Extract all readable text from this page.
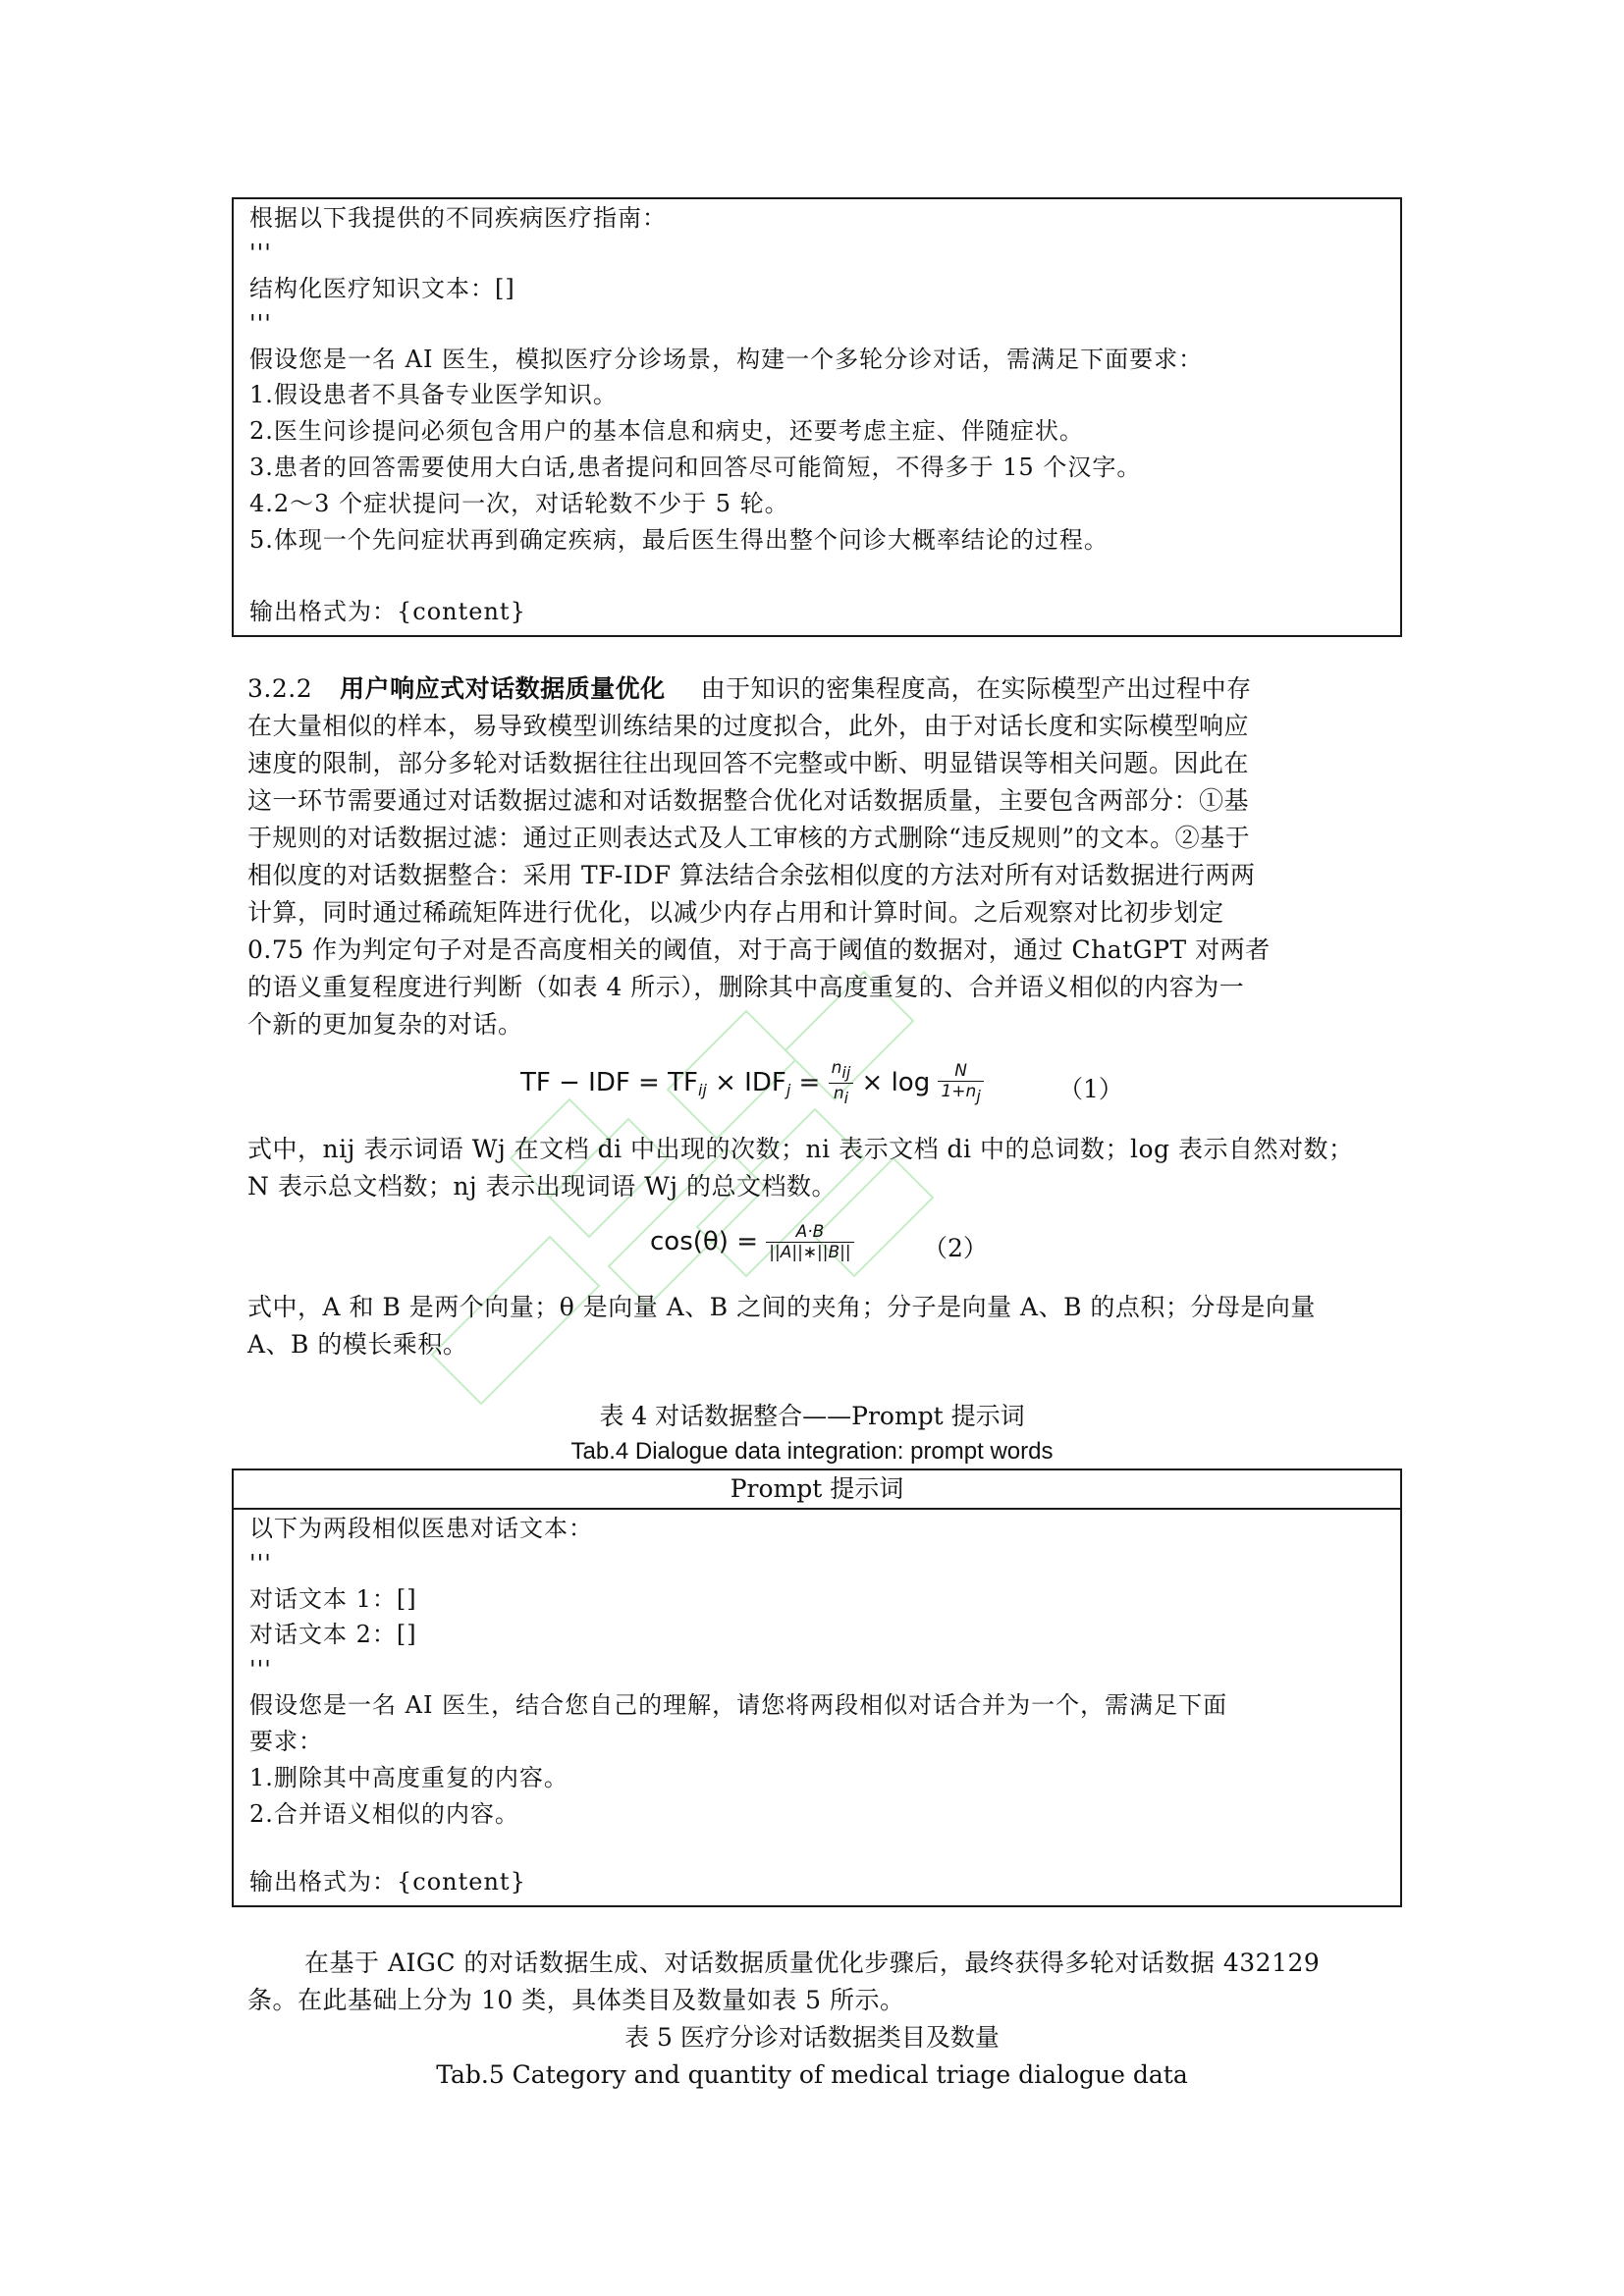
根据以下我提供的不同疾病医疗指南：
'''
结构化医疗知识文本：[]
'''
假设您是一名 AI 医生，模拟医疗分诊场景，构建一个多轮分诊对话，需满足下面要求：
1.假设患者不具备专业医学知识。
2.医生问诊提问必须包含用户的基本信息和病史，还要考虑主症、伴随症状。
3.患者的回答需要使用大白话,患者提问和回答尽可能简短，不得多于 15 个汉字。
4.2～3 个症状提问一次，对话轮数不少于 5 轮。
5.体现一个先问症状再到确定疾病，最后医生得出整个问诊大概率结论的过程。
输出格式为：{content}
3.2.2 用户响应式对话数据质量优化 由于知识的密集程度高，在实际模型产出过程中存
在大量相似的样本，易导致模型训练结果的过度拟合，此外，由于对话长度和实际模型响应
速度的限制，部分多轮对话数据往往出现回答不完整或中断、明显错误等相关问题。因此在
这一环节需要通过对话数据过滤和对话数据整合优化对话数据质量，主要包含两部分：①基
于规则的对话数据过滤：通过正则表达式及人工审核的方式删除“违反规则”的文本。②基于
相似度的对话数据整合：采用 TF-IDF 算法结合余弦相似度的方法对所有对话数据进行两两
计算，同时通过稀疏矩阵进行优化，以减少内存占用和计算时间。之后观察对比初步划定
0.75 作为判定句子对是否高度相关的阈值，对于高于阈值的数据对，通过 ChatGPT 对两者
的语义重复程度进行判断（如表 4 所示），删除其中高度重复的、合并语义相似的内容为一
个新的更加复杂的对话。
TF − IDF = $TF_{ij} \times IDF_j = \frac{\text{nij}}{ni} \times \log \frac{N}{1+nj}$	（1）
式中，nij 表示词语 Wj 在文档 di 中出现的次数；ni 表示文档 di 中的总词数；log 表示自然对数；
N 表示总文档数；nj 表示出现词语 Wj 的总文档数。
$\cos(\theta) = \frac{A\cdot B}{||A||∗||B||}$	（2）
式中，A 和 B 是两个向量；θ 是向量 A、B 之间的夹角；分子是向量 A、B 的点积；分母是向量
A、B 的模长乘积。
表 4 对话数据整合——Prompt 提示词
Tab.4 Dialogue data integration: prompt words
Prompt 提示词
以下为两段相似医患对话文本：
'''
对话文本 1：[]
对话文本 2：[]
'''
假设您是一名 AI 医生，结合您自己的理解，请您将两段相似对话合并为一个，需满足下面
要求：
1.删除其中高度重复的内容。
2.合并语义相似的内容。
输出格式为：{content}
在基于 AIGC 的对话数据生成、对话数据质量优化步骤后，最终获得多轮对话数据 432129
条。在此基础上分为 10 类，具体类目及数量如表 5 所示。
表 5 医疗分诊对话数据类目及数量
Tab.5 Category and quantity of medical triage dialogue data
